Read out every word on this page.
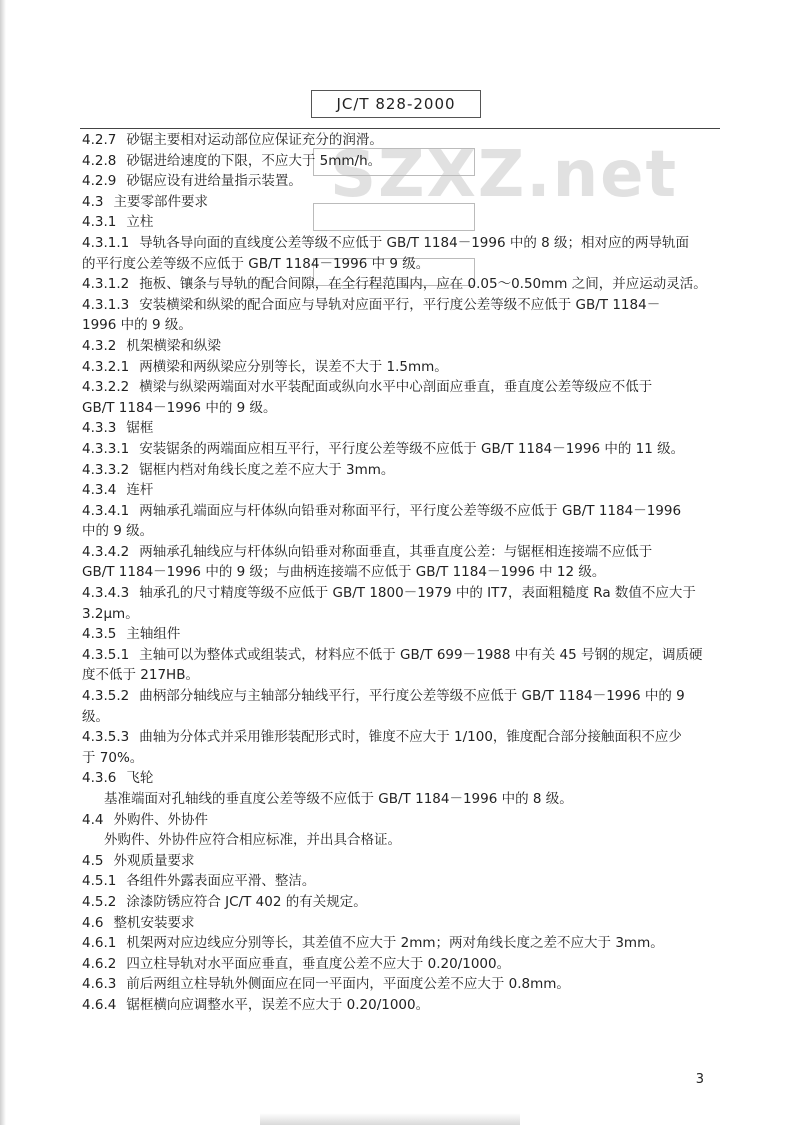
JC/T 828-2000
SZXZ.net
4.2.7 砂锯主要相对运动部位应保证充分的润滑。
4.2.8 砂锯进给速度的下限，不应大于 5mm/h。
4.2.9 砂锯应设有进给量指示装置。
4.3 主要零部件要求
4.3.1 立柱
4.3.1.1 导轨各导向面的直线度公差等级不应低于 GB/T 1184－1996 中的 8 级；相对应的两导轨面
的平行度公差等级不应低于 GB/T 1184－1996 中 9 级。
4.3.1.2 拖板、镶条与导轨的配合间隙，在全行程范围内，应在 0.05～0.50mm 之间，并应运动灵活。
4.3.1.3 安装横梁和纵梁的配合面应与导轨对应面平行，平行度公差等级不应低于 GB/T 1184－
1996 中的 9 级。
4.3.2 机架横梁和纵梁
4.3.2.1 两横梁和两纵梁应分别等长，误差不大于 1.5mm。
4.3.2.2 横梁与纵梁两端面对水平装配面或纵向水平中心剖面应垂直，垂直度公差等级应不低于
GB/T 1184－1996 中的 9 级。
4.3.3 锯框
4.3.3.1 安装锯条的两端面应相互平行，平行度公差等级不应低于 GB/T 1184－1996 中的 11 级。
4.3.3.2 锯框内档对角线长度之差不应大于 3mm。
4.3.4 连杆
4.3.4.1 两轴承孔端面应与杆体纵向铅垂对称面平行，平行度公差等级不应低于 GB/T 1184－1996
中的 9 级。
4.3.4.2 两轴承孔轴线应与杆体纵向铅垂对称面垂直，其垂直度公差：与锯框相连接端不应低于
GB/T 1184－1996 中的 9 级；与曲柄连接端不应低于 GB/T 1184－1996 中 12 级。
4.3.4.3 轴承孔的尺寸精度等级不应低于 GB/T 1800－1979 中的 IT7，表面粗糙度 Ra 数值不应大于
3.2μm。
4.3.5 主轴组件
4.3.5.1 主轴可以为整体式或组装式，材料应不低于 GB/T 699－1988 中有关 45 号钢的规定，调质硬
度不低于 217HB。
4.3.5.2 曲柄部分轴线应与主轴部分轴线平行，平行度公差等级不应低于 GB/T 1184－1996 中的 9
级。
4.3.5.3 曲轴为分体式并采用锥形装配形式时，锥度不应大于 1/100，锥度配合部分接触面积不应少
于 70%。
4.3.6 飞轮
基准端面对孔轴线的垂直度公差等级不应低于 GB/T 1184－1996 中的 8 级。
4.4 外购件、外协件
外购件、外协件应符合相应标准，并出具合格证。
4.5 外观质量要求
4.5.1 各组件外露表面应平滑、整洁。
4.5.2 涂漆防锈应符合 JC/T 402 的有关规定。
4.6 整机安装要求
4.6.1 机架两对应边线应分别等长，其差值不应大于 2mm；两对角线长度之差不应大于 3mm。
4.6.2 四立柱导轨对水平面应垂直，垂直度公差不应大于 0.20/1000。
4.6.3 前后两组立柱导轨外侧面应在同一平面内，平面度公差不应大于 0.8mm。
4.6.4 锯框横向应调整水平，误差不应大于 0.20/1000。
3
